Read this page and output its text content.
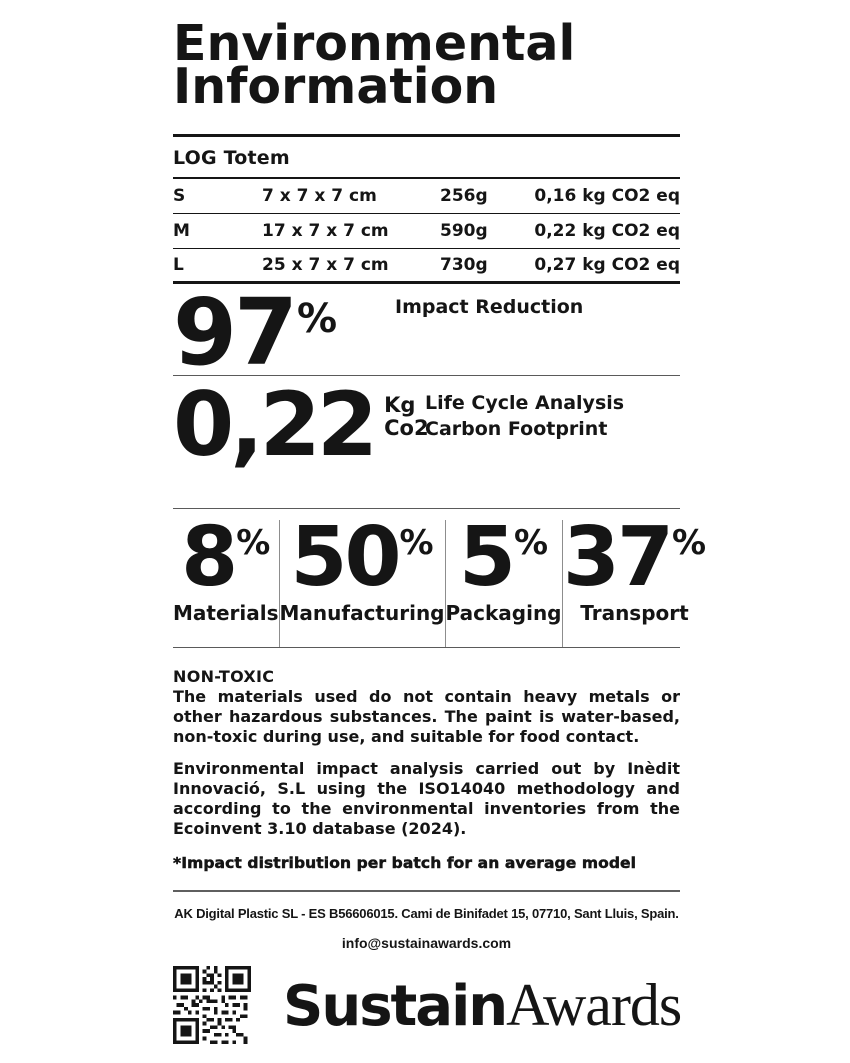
Environmental
Information
LOG Totem
S	7 x 7 x 7 cm	256g	0,16 kg CO2 eq
M	17 x 7 x 7 cm	590g	0,22 kg CO2 eq
L	25 x 7 x 7 cm	730g	0,27 kg CO2 eq
97 %	Impact Reduction
0,22 Kg
Co2
Life Cycle Analysis
Carbon Footprint
8 %
Materials
50 %
Manufacturing
5 %
Packaging
37 %
Transport
NON-TOXIC

The materials used do not contain heavy metals or other hazardous substances. The paint is water-based, non-toxic during use, and suitable for food contact.

Environmental impact analysis carried out by Inèdit Innovació, S.L using the ISO14040 methodology and according to the environmental inventories from the Ecoinvent 3.10 database (2024).

*Impact distribution per batch for an average model
AK Digital Plastic SL - ES B56606015. Cami de Binifadet 15, 07710, Sant Lluis, Spain.
info@sustainawards.com
Sustain Awards
